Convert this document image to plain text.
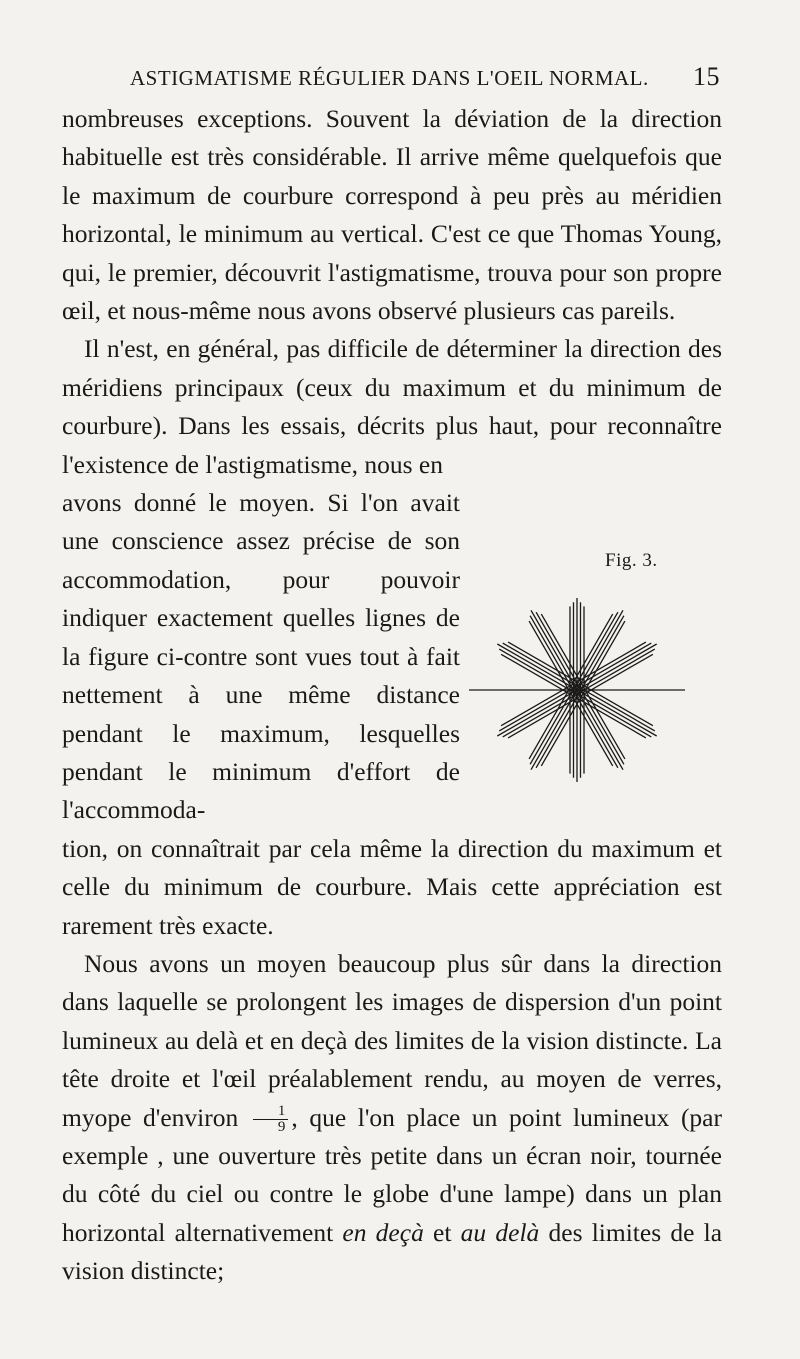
ASTIGMATISME RÉGULIER DANS L'OEIL NORMAL. 15

nombreuses exceptions. Souvent la déviation de la direction habituelle est très considérable. Il arrive même quelquefois que le maximum de courbure correspond à peu près au méridien horizontal, le minimum au vertical. C'est ce que Thomas Young, qui, le premier, découvrit l'astigmatisme, trouva pour son propre œil, et nous-même nous avons observé plusieurs cas pareils.

Il n'est, en général, pas difficile de déterminer la direction des méridiens principaux (ceux du maximum et du minimum de courbure). Dans les essais, décrits plus haut, pour reconnaître l'existence de l'astigmatisme, nous en

avons donné le moyen. Si l'on avait une conscience assez précise de son accommodation, pour pouvoir indiquer exactement quelles lignes de la figure ci-contre sont vues tout à fait nettement à une même distance pendant le maximum, lesquelles pendant le minimum d'effort de l'accommoda-

tion, on connaîtrait par cela même la direction du maximum et celle du minimum de courbure. Mais cette appréciation est rarement très exacte.

Nous avons un moyen beaucoup plus sûr dans la direction dans laquelle se prolongent les images de dispersion d'un point lumineux au delà et en deçà des limites de la vision distincte. La tête droite et l'œil préalablement rendu, au moyen de verres, myope d'environ $\frac{1}{9}$ , que l'on place un point lumineux (par exemple , une ouverture très petite dans un écran noir, tournée du côté du ciel ou contre le globe d'une lampe) dans un plan horizontal alternativement en deçà et au delà des limites de la vision distincte;

Fig. 3.
